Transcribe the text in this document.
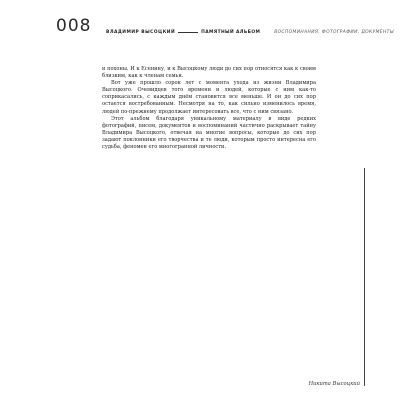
008	ВЛАДИМИР ВЫСОЦКИЙ	ПАМЯТНЫЙ АЛЬБОМ	ВОСПОМИНАНИЯ, ФОТОГРАФИИ, ДОКУМЕНТЫ

и похоны. И к Есенину, и к Высоцкому люди до сих пор относятся как к своим близким, как к членам семьи.

Вот уже прошло сорок лет с момента ухода из жизни Владимира Высоцкого. Очевидцев того времени и людей, которые с ним как-то соприкасались, с каждым днём становится все меньше. И он до сих пор остается востребованным. Несмотря на то, как сильно изменилось время, людей по-прежнему продолжает интересовать все, что с ним связано.

Этот альбом благодаря уникальному материалу в виде редких фотографий, писем, документов и воспоминаний частично раскрывает тайну Владимира Высоцкого, отвечая на многие вопросы, которые до сих пор задают поклонники его творчества и те люди, которым просто интересна его судьба, феномен его многогранной личности.

Никита Высоцкий
